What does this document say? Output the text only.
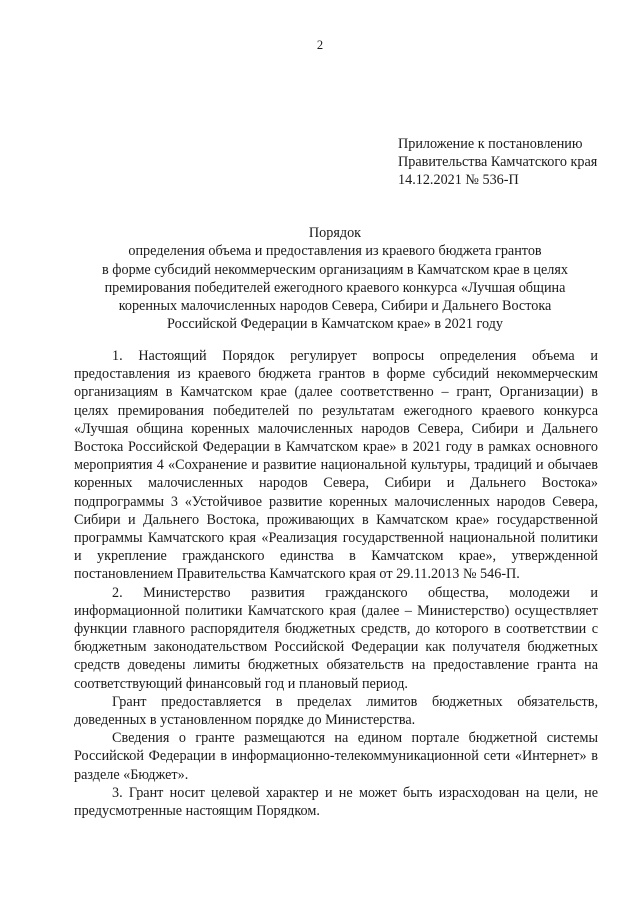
2
Приложение к постановлению
Правительства Камчатского края
14.12.2021 № 536-П
Порядок
определения объема и предоставления из краевого бюджета грантов
в форме субсидий некоммерческим организациям в Камчатском крае в целях
премирования победителей ежегодного краевого конкурса «Лучшая община
коренных малочисленных народов Севера, Сибири и Дальнего Востока
Российской Федерации в Камчатском крае» в 2021 году

1. Настоящий Порядок регулирует вопросы определения объема и предоставления из краевого бюджета грантов в форме субсидий некоммерческим организациям в Камчатском крае (далее соответственно – грант, Организации) в целях премирования победителей по результатам ежегодного краевого конкурса «Лучшая община коренных малочисленных народов Севера, Сибири и Дальнего Востока Российской Федерации в Камчатском крае» в 2021 году в рамках основного мероприятия 4 «Сохранение и развитие национальной культуры, традиций и обычаев коренных малочисленных народов Севера, Сибири и Дальнего Востока» подпрограммы 3 «Устойчивое развитие коренных малочисленных народов Севера, Сибири и Дальнего Востока, проживающих в Камчатском крае» государственной программы Камчатского края «Реализация государственной национальной политики и укрепление гражданского единства в Камчатском крае», утвержденной постановлением Правительства Камчатского края от 29.11.2013 № 546-П.

2. Министерство развития гражданского общества, молодежи и информационной политики Камчатского края (далее – Министерство) осуществляет функции главного распорядителя бюджетных средств, до которого в соответствии с бюджетным законодательством Российской Федерации как получателя бюджетных средств доведены лимиты бюджетных обязательств на предоставление гранта на соответствующий финансовый год и плановый период.

Грант предоставляется в пределах лимитов бюджетных обязательств, доведенных в установленном порядке до Министерства.

Сведения о гранте размещаются на едином портале бюджетной системы Российской Федерации в информационно-телекоммуникационной сети «Интернет» в разделе «Бюджет».

3. Грант носит целевой характер и не может быть израсходован на цели, не предусмотренные настоящим Порядком.
